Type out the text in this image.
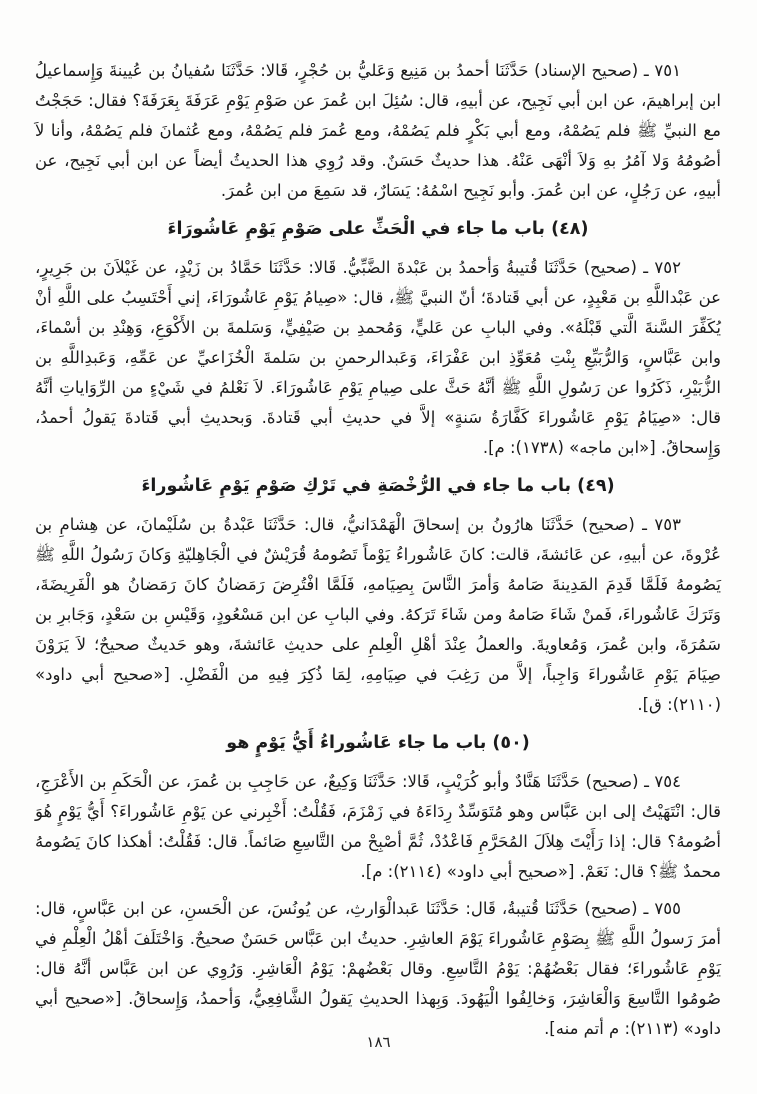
٧٥١ ـ (صحيح الإسناد) حَدَّثَنَا أحمدُ بن مَنِيع وَعَليُّ بن حُجْرٍ، قَالا: حَدَّثَنَا سُفيانُ بن عُيينةَ وَإِسماعيلُ ابن إبراهيمَ، عن ابن أبي نَجِيح، عن أبيهِ، قال: سُئِلَ ابن عُمرَ عن صَوْمِ يَوْمِ عَرَفَةَ بِعَرَفَةَ؟ فقال: حَجَجْتُ مع النبيِّ ﷺ فلم يَصُمْهُ، ومع أبي بَكْرٍ فلم يَصُمْهُ، ومع عُمرَ فلم يَصُمْهُ، ومع عُثمانَ فلم يَصُمْهُ، وأنا لاَ أصُومُهُ وَلا آمُرُ بهِ وَلاَ أنْهَى عَنْهُ. هذا حديثٌ حَسَنٌ. وقد رُوِي هذا الحديثُ أيضاً عن ابن أبي نَجِيح، عن أبيهِ، عن رَجُلٍ، عن ابن عُمرَ. وأبو نَجِيح اسْمُهُ: يَسَارٌ، قد سَمِعَ من ابن عُمرَ.

(٤٨) باب ما جاء في الْحَثِّ على صَوْمِ يَوْمِ عَاشُورَاءَ

٧٥٢ ـ (صحيح) حَدَّثَنَا قُتيبةُ وَأحمدُ بن عَبْدةَ الضَّبِّيُّ. قَالا: حَدَّثَنَا حَمَّادُ بن زَيْدٍ، عن غَيْلاَنَ بن جَرِيرٍ، عن عَبْداللَّهِ بن مَعْبِدٍ، عن أبي قَتادةَ؛ أنّ النبيَّ ﷺ، قال: «صِيامُ يَوْمِ عَاشُورَاءَ، إني أَحْتَسِبُ على اللَّهِ أنْ يُكَفِّرَ السَّنةَ الَّتي قَبْلَهُ». وفي البابِ عن عَليٍّ، وَمُحمدِ بن صَيْفِيٍّ، وَسَلمةَ بن الأَكْوَعِ، وَهِنْدِ بن أسْماءَ، وابن عَبَّاسٍ، وَالرُّبَيِّعِ بِنْتِ مُعَوِّذِ ابن عَفْرَاءَ، وَعَبدالرحمنِ بن سَلمةَ الْخُزَاعيِّ عن عَمِّهِ، وَعَبدِاللَّهِ بن الزُّبَيْرِ، ذَكَرُوا عن رَسُولِ اللَّهِ ﷺ أنَّهُ حَثَّ على صِيامِ يَوْمِ عَاشُورَاءَ. لاَ نَعْلمُ في شَيْءٍ من الرِّوَاياتِ أنَّهُ قال: «صِيَامُ يَوْمِ عَاشُوراءَ كَفَّارَةُ سَنةٍ» إلاَّ في حديثِ أبي قَتادةَ. وَبحديثِ أبي قَتادةَ يَقولُ أحمدُ، وَإِسحاقُ. [«ابن ماجه» (١٧٣٨): م].

(٤٩) باب ما جاء في الرُّخْصَةِ في تَرْكِ صَوْمِ يَوْمِ عَاشُوراءَ

٧٥٣ ـ (صحيح) حَدَّثَنَا هارُونُ بن إسحاقَ الْهَمْدَانيُّ، قال: حَدَّثَنَا عَبْدةُ بن سُلَيْمانَ، عن هِشامِ بن عُرْوةَ، عن أبيهِ، عن عَائشةَ، قالت: كانَ عَاشُوراءُ يَوْماً تَصُومهُ قُرَيْشٌ في الْجَاهِليّةِ وَكانَ رَسُولُ اللَّهِ ﷺ يَصُومهُ فَلَمَّا قَدِمَ المَدِينةَ صَامهُ وَأمرَ النَّاسَ بِصِيَامهِ، فَلَمَّا افْتُرِضَ رَمَضانُ كانَ رَمَضانُ هو الْفَرِيضَةَ، وَتَرَكَ عَاشُوراءَ، فَمنْ شَاءَ صَامهُ ومن شَاءَ تَرَكهُ. وفي البابِ عن ابن مَسْعُودٍ، وَقَيْسِ بن سَعْدٍ، وَجَابرِ بن سَمُرَةَ، وابن عُمرَ، وَمُعاويةَ. والعملُ عِنْدَ أهْلِ الْعِلمِ على حديثِ عَائشةَ، وهو حَديثٌ صحيحٌ؛ لاَ يَرَوْنَ صِيَامَ يَوْمِ عَاشُوراءَ وَاجِباً، إلاَّ من رَغِبَ في صِيَامِهِ، لِمَا ذُكِرَ فِيهِ من الْفَضْلِ. [«صحيح أبي داود» (٢١١٠): ق].

(٥٠) باب ما جاء عَاشُوراءُ أَيُّ يَوْمٍ هو

٧٥٤ ـ (صحيح) حَدَّثَنَا هَنَّادٌ وأبو كُرَيْبٍ، قَالا: حَدَّثَنَا وَكِيعٌ، عن حَاجِبِ بن عُمرَ، عن الْحَكَمِ بن الأَعْرَجِ، قال: انْتَهَيْتُ إلى ابن عَبَّاس وهو مُتَوَسِّدٌ رِدَاءَهُ في زَمْزَمَ، فَقُلْتُ: أَخْبِرني عن يَوْمِ عَاشُوراءَ؟ أَيُّ يَوْمٍ هُوَ أصُومهُ؟ قال: إذا رَأَيْتَ هِلاَلَ المُحَرَّمِ فَاعْدُدْ، ثُمَّ أصْبِحْ من التَّاسِعِ صَائماً. قال: فَقُلْتُ: أهكذا كانَ يَصُومهُ محمدٌ ﷺ؟ قال: نَعَمْ. [«صحيح أبي داود» (٢١١٤): م].

٧٥٥ ـ (صحيح) حَدَّثَنَا قُتيبةُ، قَال: حَدَّثَنَا عَبدالْوَارثِ، عن يُونُسَ، عن الْحَسنِ، عن ابن عَبَّاسٍ، قال: أمرَ رَسولُ اللَّهِ ﷺ بِصَوْمِ عَاشُوراءَ يَوْمَ العاشِرِ. حديثُ ابن عَبَّاس حَسَنٌ صحيحٌ. وَاخْتَلَفَ أهْلُ الْعِلْمِ في يَوْمِ عَاشُوراءَ؛ فقال بَعْضُهُمْ: يَوْمُ التَّاسِعِ. وقال بَعْضُهمْ: يَوْمُ الْعَاشِرِ. وَرُوِي عن ابن عَبَّاس أنَّهُ قال: صُومُوا التَّاسِعَ وَالْعَاشِرَ، وَخالِفُوا الْيَهُودَ. وَبِهذا الحديثِ يَقولُ الشَّافِعِيُّ، وَأحمدُ، وَإِسحاقُ. [«صحيح أبي داود» (٢١١٣): م أتم منه].

١٨٦
